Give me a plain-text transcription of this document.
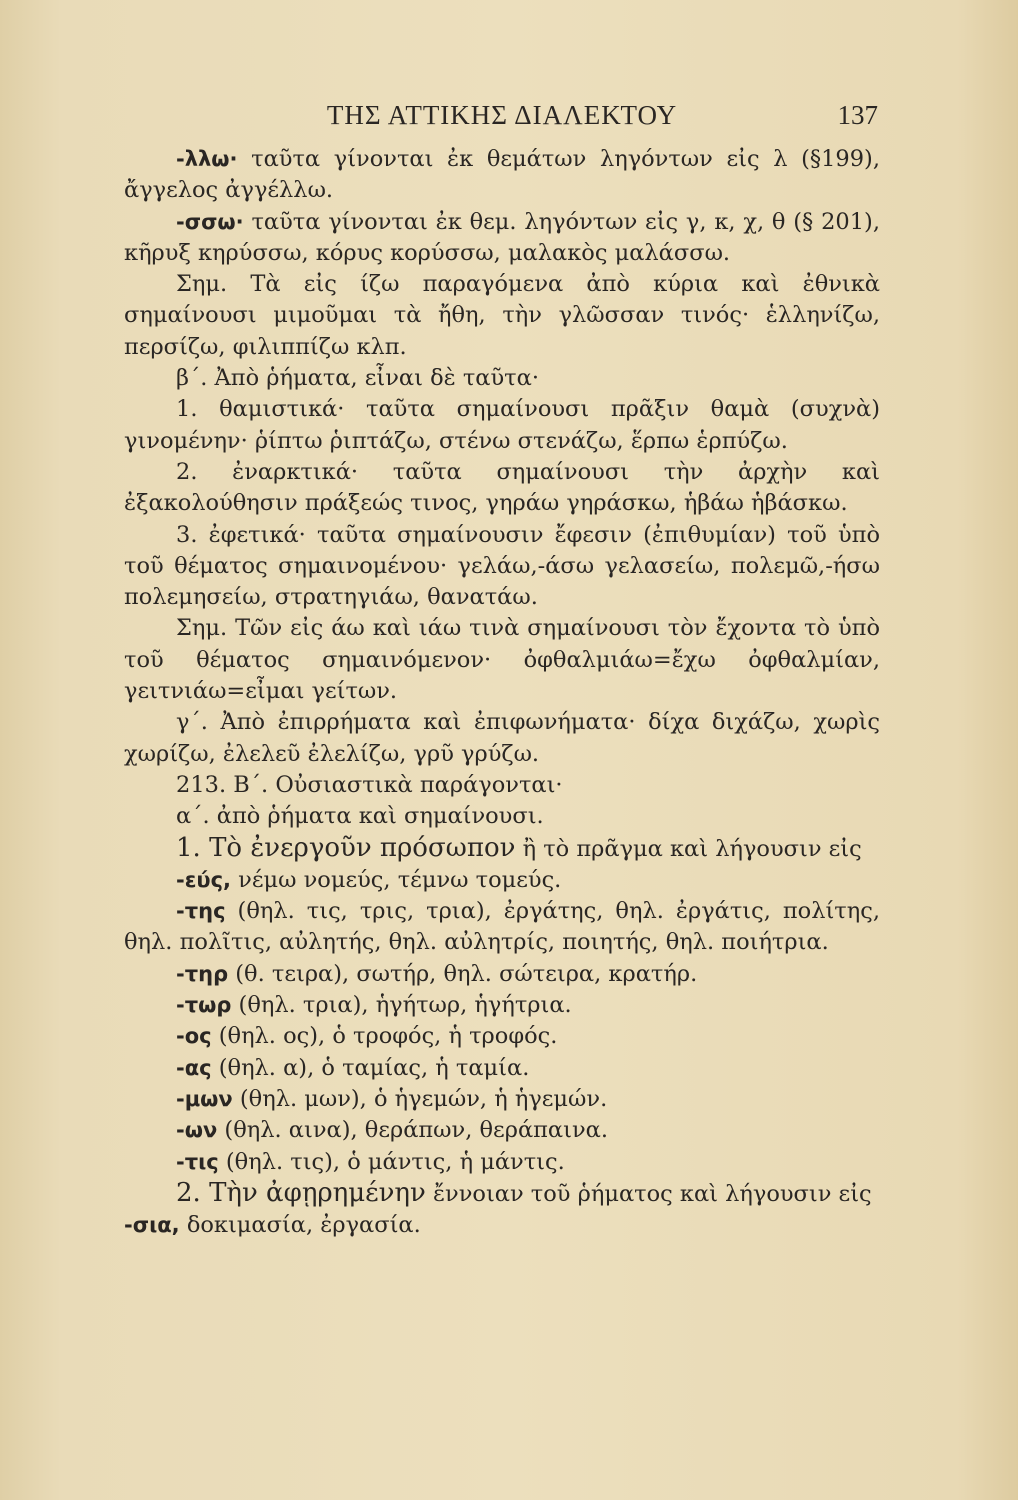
ΤΗΣ ΑΤΤΙΚΗΣ ΔΙΑΛΕΚΤΟΥ	137

-λλω· ταῦτα γίνονται ἐκ θεμάτων ληγόντων εἰς λ (§199), ἄγγελος ἀγγέλλω.

-σσω· ταῦτα γίνονται ἐκ θεμ. ληγόντων εἰς γ, κ, χ, θ (§ 201), κῆρυξ κηρύσσω, κόρυς κορύσσω, μαλακὸς μαλάσσω.

Σημ. Τὰ εἰς ίζω παραγόμενα ἀπὸ κύρια καὶ ἐθνικὰ σημαίνουσι μιμοῦμαι τὰ ἤθη, τὴν γλῶσσαν τινός· ἑλληνίζω, περσίζω, φιλιππίζω κλπ.

β΄. Ἀπὸ ῥήματα, εἶναι δὲ ταῦτα·

1. θαμιστικά· ταῦτα σημαίνουσι πρᾶξιν θαμὰ (συχνὰ) γινομένην· ῥίπτω ῥιπτάζω, στένω στενάζω, ἕρπω ἑρπύζω.

2. ἐναρκτικά· ταῦτα σημαίνουσι τὴν ἀρχὴν καὶ ἐξακολούθησιν πράξεώς τινος, γηράω γηράσκω, ἡβάω ἡβάσκω.

3. ἐφετικά· ταῦτα σημαίνουσιν ἔφεσιν (ἐπιθυμίαν) τοῦ ὑπὸ τοῦ θέματος σημαινομένου· γελάω,-άσω γελασείω, πολεμῶ,-ήσω πολεμησείω, στρατηγιάω, θανατάω.

Σημ. Τῶν εἰς άω καὶ ιάω τινὰ σημαίνουσι τὸν ἔχοντα τὸ ὑπὸ τοῦ θέματος σημαινόμενον· ὀφθαλμιάω=ἔχω ὀφθαλμίαν, γειτνιάω=εἶμαι γείτων.

γ΄. Ἀπὸ ἐπιρρήματα καὶ ἐπιφωνήματα· δίχα διχάζω, χωρὶς χωρίζω, ἐλελεῦ ἐλελίζω, γρῦ γρύζω.

213. Β΄. Οὐσιαστικὰ παράγονται·

α΄. ἀπὸ ῥήματα καὶ σημαίνουσι.

1. Τὸ ἐνεργοῦν πρόσωπον ἢ τὸ πρᾶγμα καὶ λήγουσιν εἰς

-εύς, νέμω νομεύς, τέμνω τομεύς.

-της (θηλ. τις, τρις, τρια), ἐργάτης, θηλ. ἐργάτις, πολίτης, θηλ. πολῖτις, αὐλητής, θηλ. αὐλητρίς, ποιητής, θηλ. ποιήτρια.

-τηρ (θ. τειρα), σωτήρ, θηλ. σώτειρα, κρατήρ.

-τωρ (θηλ. τρια), ἡγήτωρ, ἡγήτρια.

-ος (θηλ. ος), ὁ τροφός, ἡ τροφός.

-ας (θηλ. α), ὁ ταμίας, ἡ ταμία.

-μων (θηλ. μων), ὁ ἡγεμών, ἡ ἡγεμών.

-ων (θηλ. αινα), θεράπων, θεράπαινα.

-τις (θηλ. τις), ὁ μάντις, ἡ μάντις.

2. Τὴν ἀφῃρημένην ἔννοιαν τοῦ ῥήματος καὶ λήγουσιν εἰς

-σια, δοκιμασία, ἐργασία.
